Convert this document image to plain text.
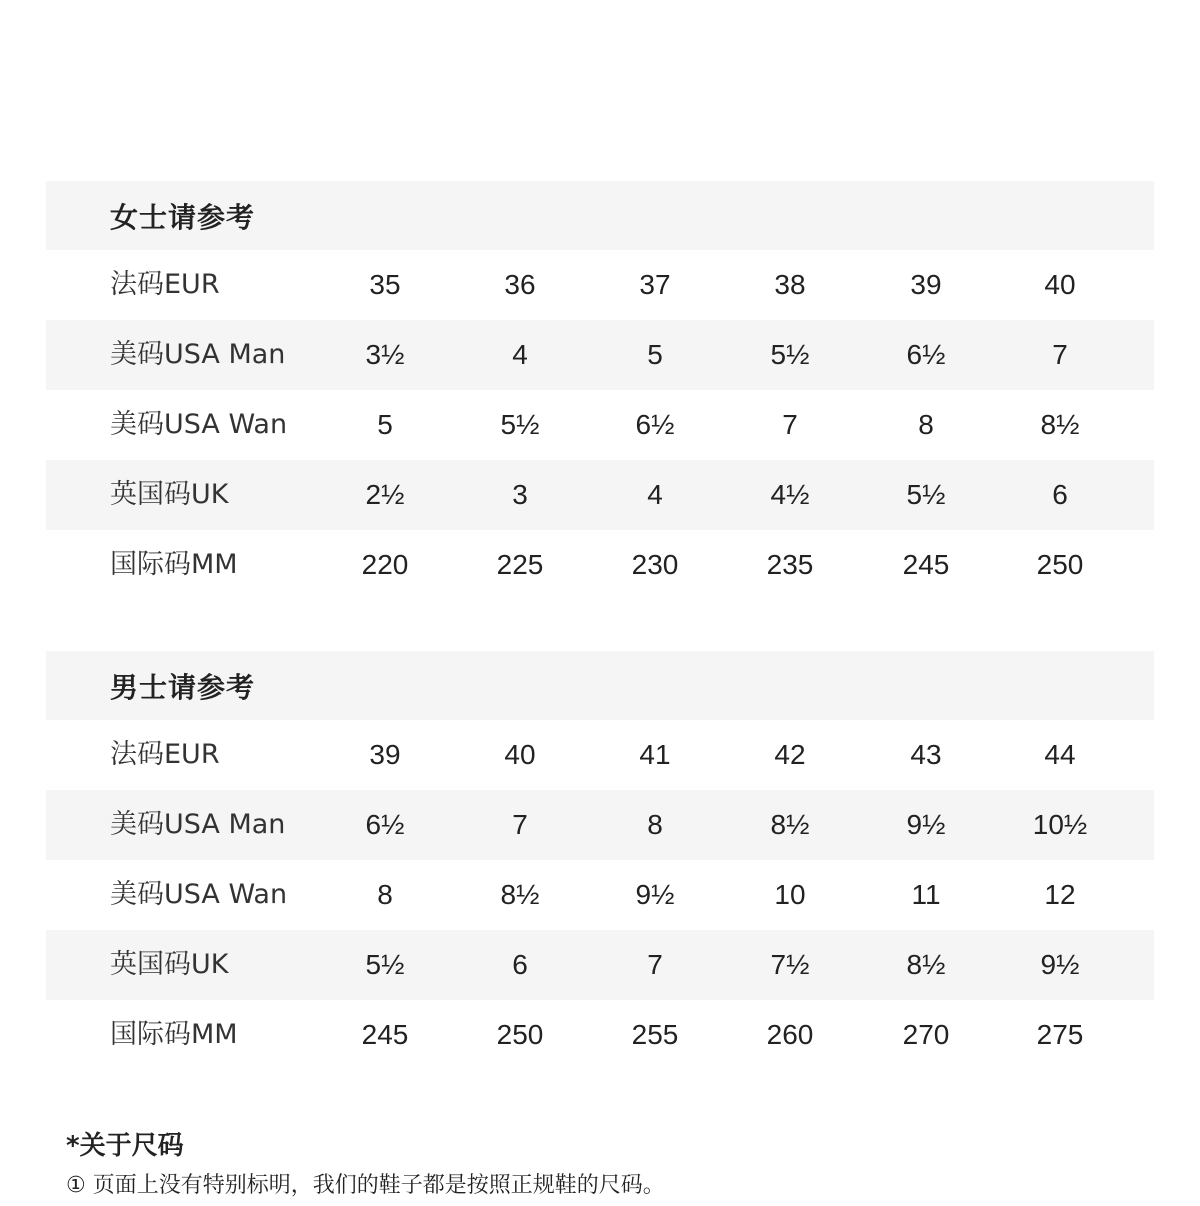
女士请参考
法码EUR	35	36	37	38	39	40
美码USA Man	3½	4	5	5½	6½	7
美码USA Wan	5	5½	6½	7	8	8½
英国码UK	2½	3	4	4½	5½	6
国际码MM	220	225	230	235	245	250
男士请参考
法码EUR	39	40	41	42	43	44
美码USA Man	6½	7	8	8½	9½	10½
美码USA Wan	8	8½	9½	10	11	12
英国码UK	5½	6	7	7½	8½	9½
国际码MM	245	250	255	260	270	275
*关于尺码
① 页面上没有特别标明，我们的鞋子都是按照正规鞋的尺码。
